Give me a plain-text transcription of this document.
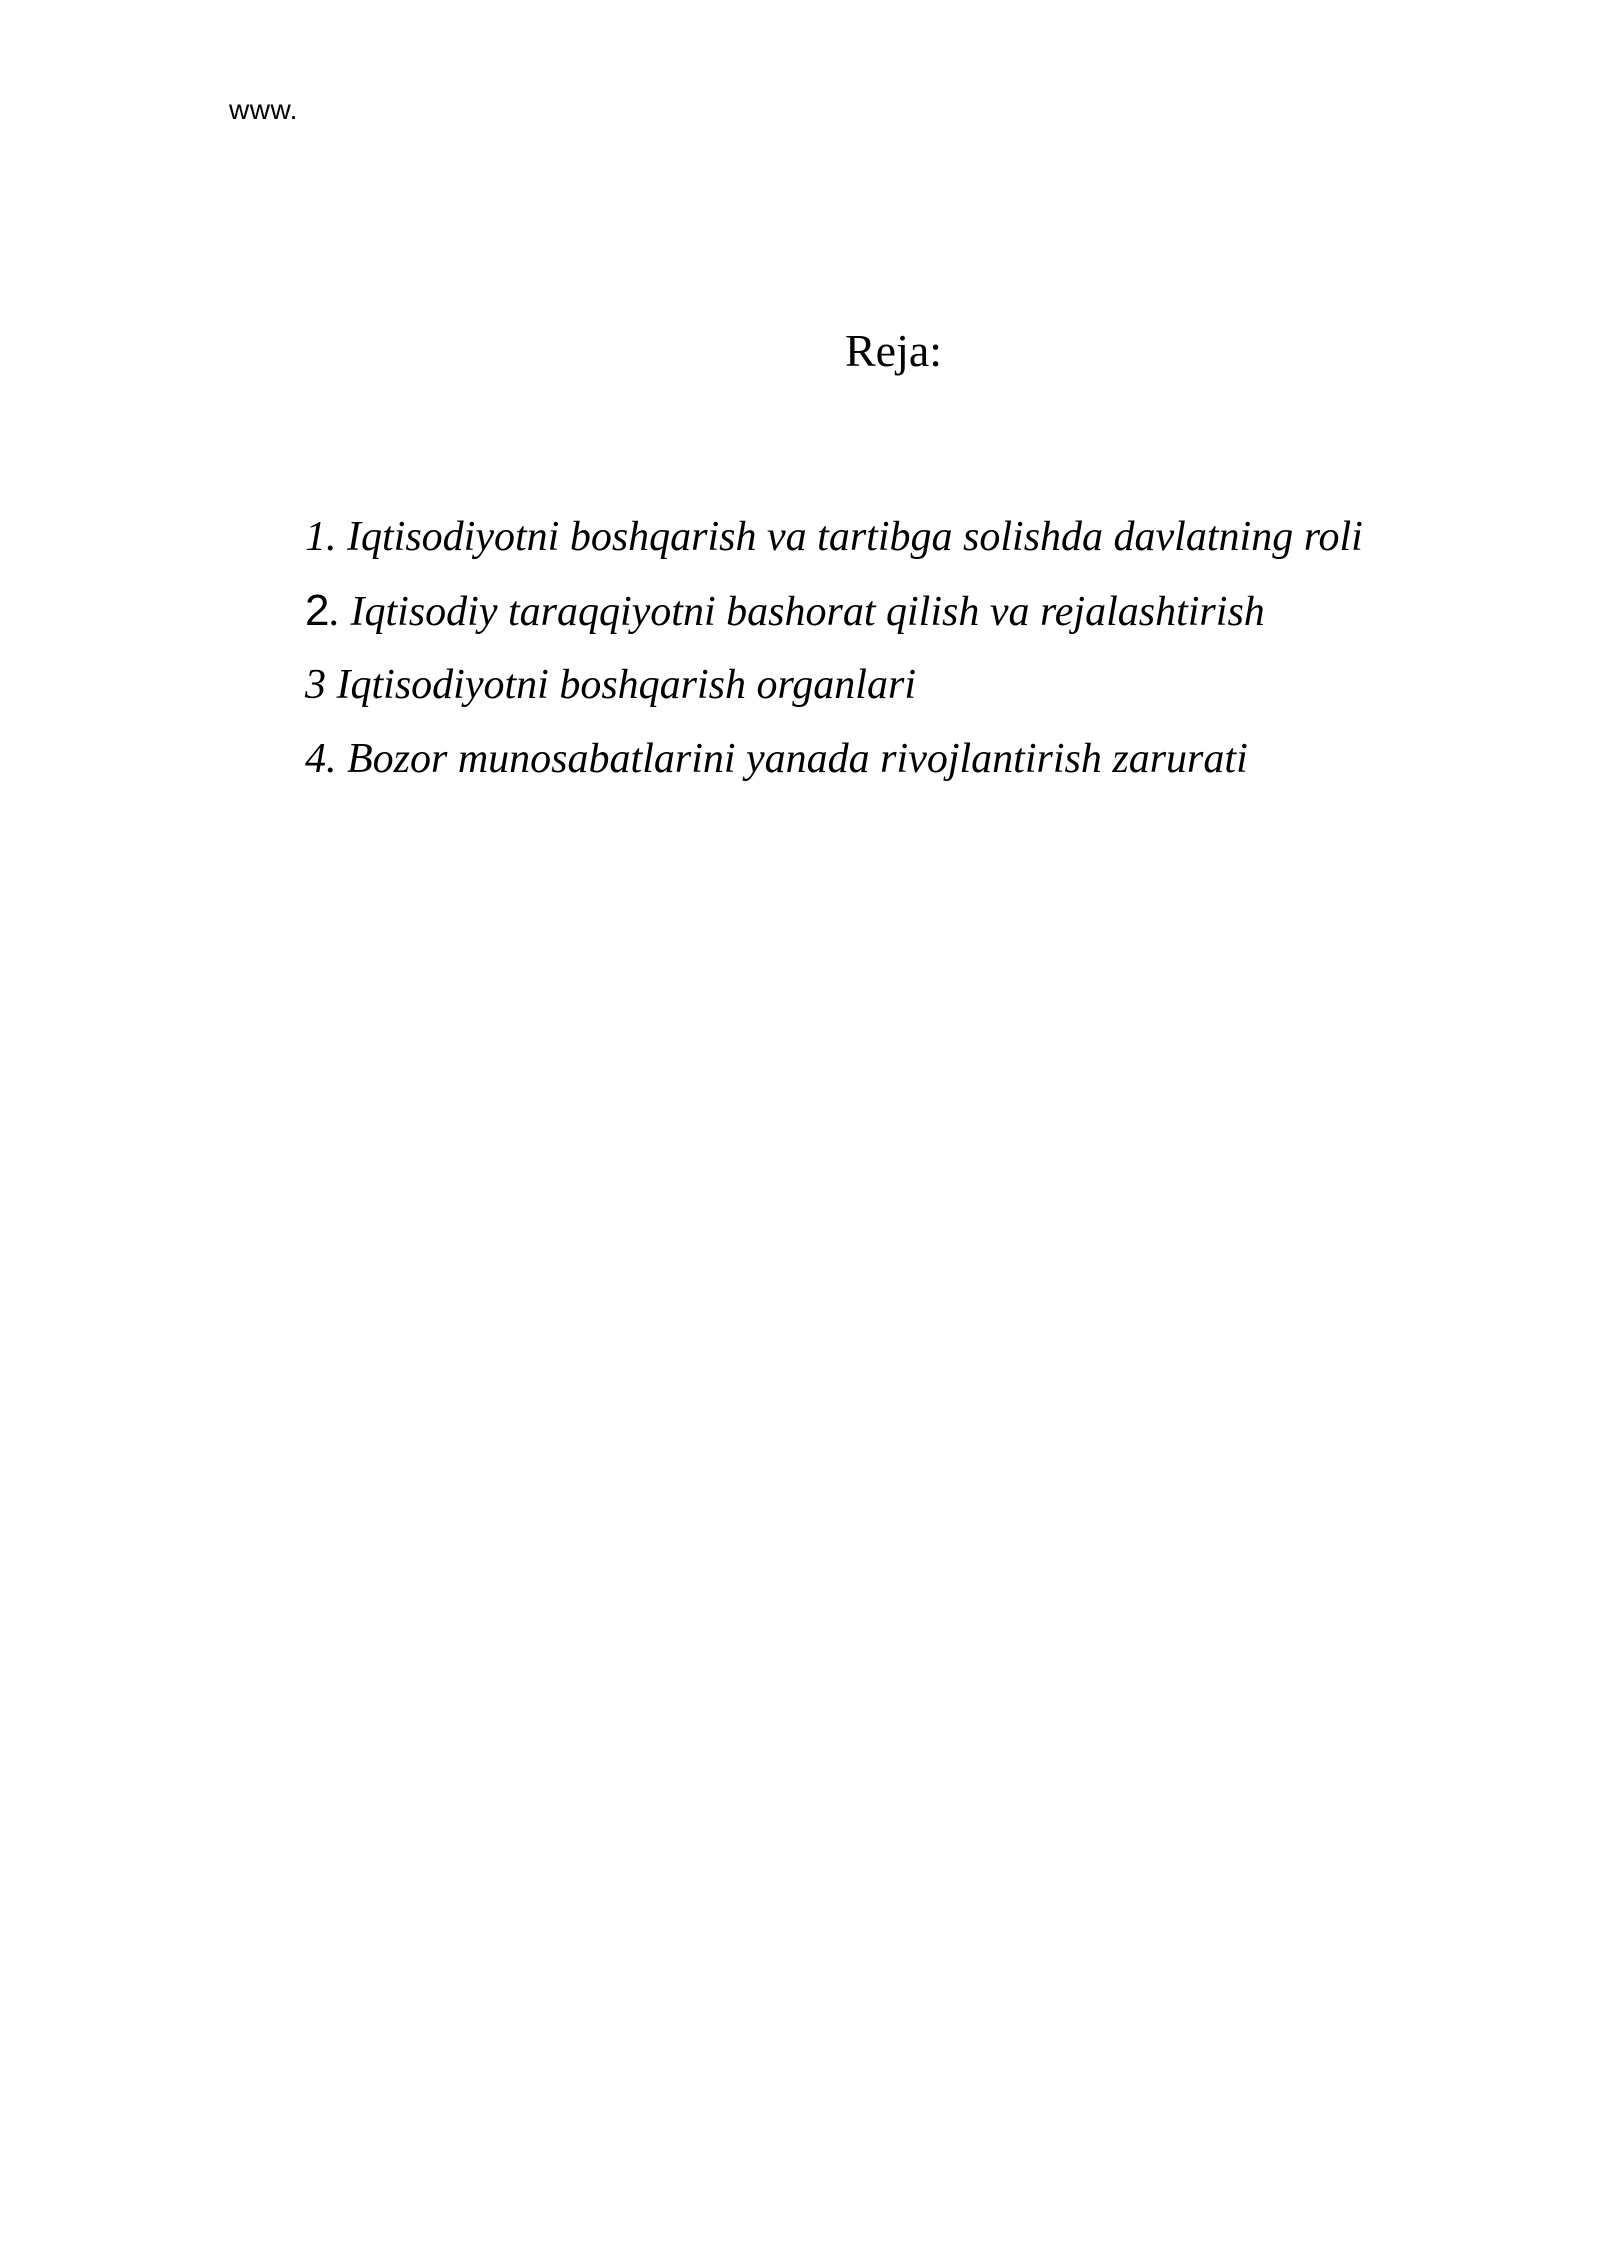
www.
Reja:
1. Iqtisodiyotni boshqarish va tartibga solishda davlatning roli
2. Iqtisodiy taraqqiyotni bashorat qilish va rejalashtirish
3 Iqtisodiyotni boshqarish organlari
4. Bozor munosabatlarini yanada rivojlantirish zarurati
